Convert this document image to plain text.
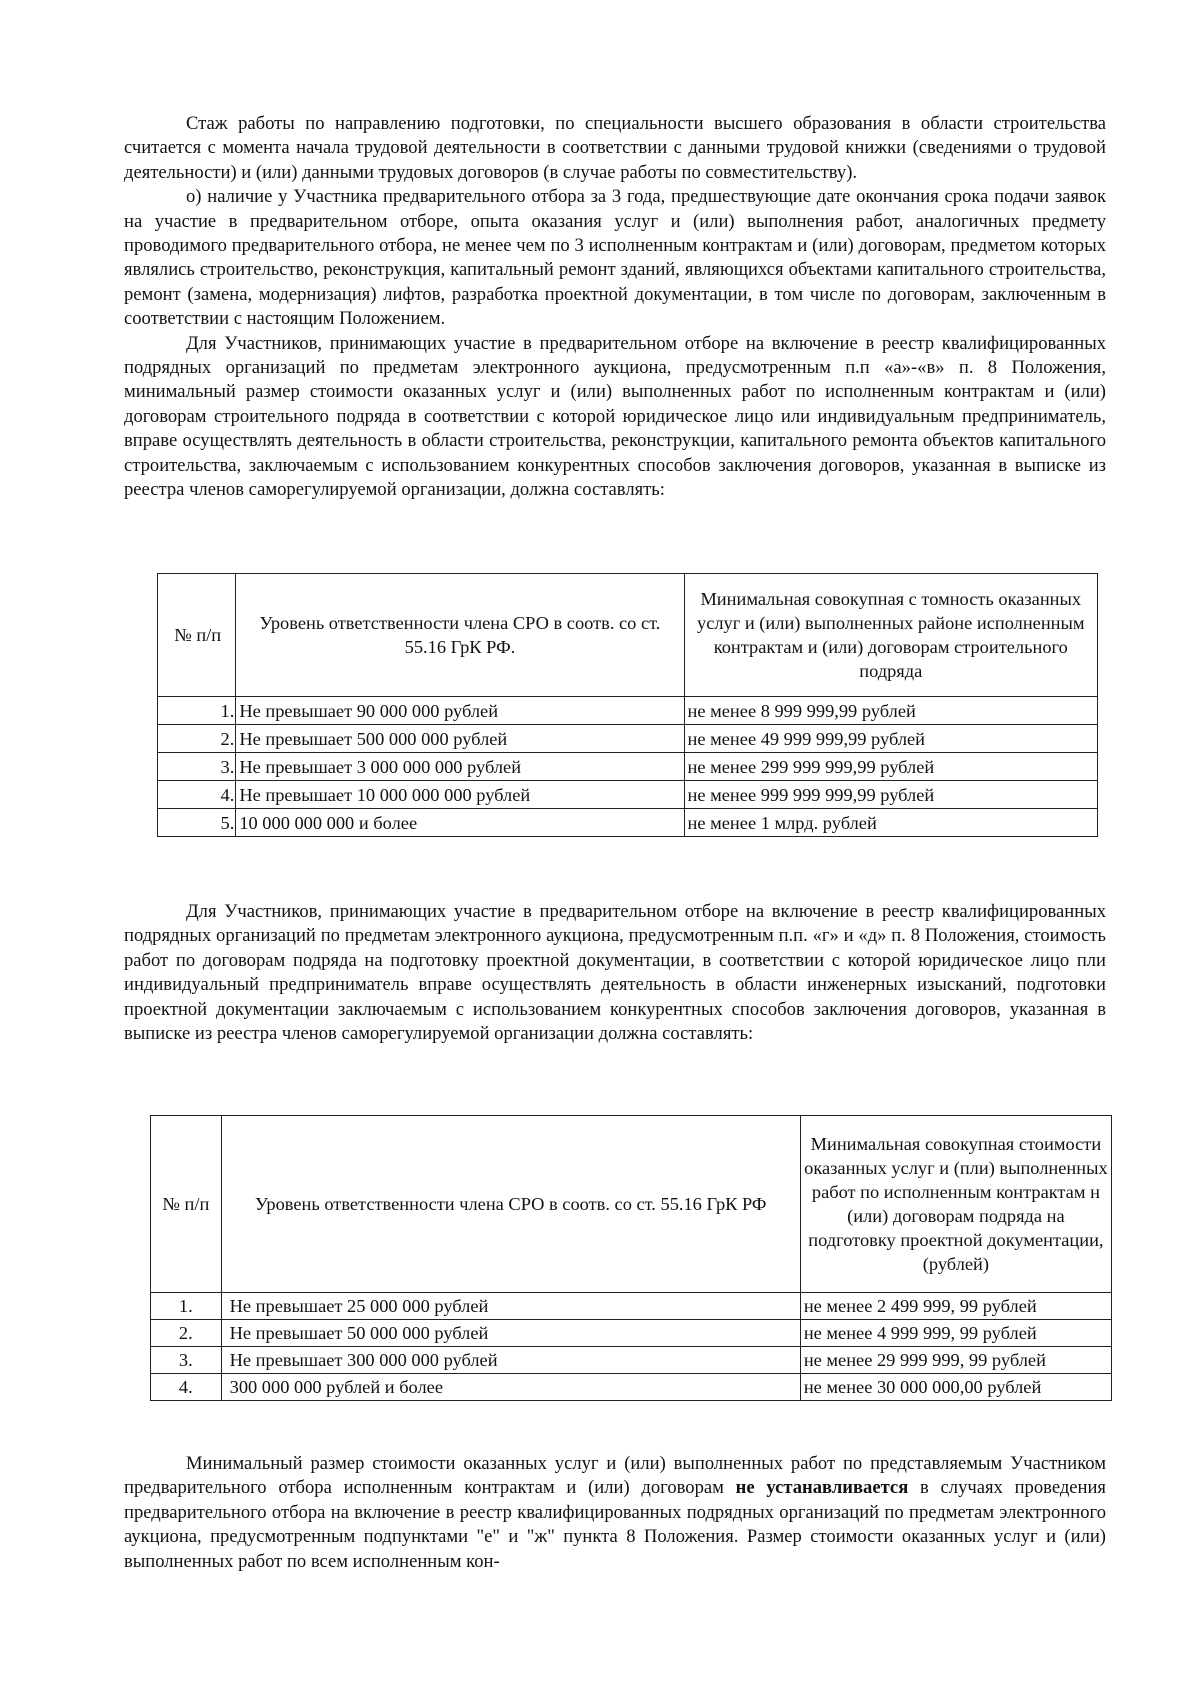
Стаж работы по направлению подготовки, по специальности высшего образования в области строительства считается с момента начала трудовой деятельности в соответствии с данными трудовой книжки (сведениями о трудовой деятельности) и (или) данными трудовых договоров (в случае работы по совместительству).

о) наличие у Участника предварительного отбора за 3 года, предшествующие дате окончания срока подачи заявок на участие в предварительном отборе, опыта оказания услуг и (или) выполнения работ, аналогичных предмету проводимого предварительного отбора, не менее чем по 3 исполненным контрактам и (или) договорам, предметом которых являлись строительство, реконструкция, капитальный ремонт зданий, являющихся объектами капитального строительства, ремонт (замена, модернизация) лифтов, разработка проектной документации, в том числе по договорам, заключенным в соответствии с настоящим Положением.

Для Участников, принимающих участие в предварительном отборе на включение в реестр квалифицированных подрядных организаций по предметам электронного аукциона, предусмотренным п.п «а»-«в» п. 8 Положения, минимальный размер стоимости оказанных услуг и (или) выполненных работ по исполненным контрактам и (или) договорам строительного подряда в соответствии с которой юридическое лицо или индивидуальным предприниматель, вправе осуществлять деятельность в области строительства, реконструкции, капитального ремонта объектов капитального строительства, заключаемым с использованием конкурентных способов заключения договоров, указанная в выписке из реестра членов саморегулируемой организации, должна составлять:

№ п/п	Уровень ответственности члена СРО в соотв. со ст. 55.16 ГрК РФ.	Минимальная совокупная с томность оказанных услуг и (или) выполненных районе исполненным контрактам и (или) договорам строительного подряда
1.	Не превышает 90 000 000 рублей	не менее 8 999 999,99 рублей
2.	Не превышает 500 000 000 рублей	не менее 49 999 999,99 рублей
3.	Не превышает 3 000 000 000 рублей	не менее 299 999 999,99 рублей
4.	Не превышает 10 000 000 000 рублей	не менее 999 999 999,99 рублей
5.	10 000 000 000 и более	не менее 1 млрд. рублей

Для Участников, принимающих участие в предварительном отборе на включение в реестр квалифицированных подрядных организаций по предметам электронного аукциона, предусмотренным п.п. «г» и «д» п. 8 Положения, стоимость работ по договорам подряда на подготовку проектной документации, в соответствии с которой юридическое лицо пли индивидуальный предприниматель вправе осуществлять деятельность в области инженерных изысканий, подготовки проектной документации заключаемым с использованием конкурентных способов заключения договоров, указанная в выписке из реестра членов саморегулируемой организации должна составлять:

№ п/п	Уровень ответственности члена СРО в соотв. со ст. 55.16 ГрК РФ	Минимальная совокупная стоимости оказанных услуг и (пли) выполненных работ по исполненным контрактам н (или) договорам подряда на подготовку проектной документации, (рублей)
1.	Не превышает 25 000 000 рублей	не менее 2 499 999, 99 рублей
2.	Не превышает 50 000 000 рублей	не менее 4 999 999, 99 рублей
3.	Не превышает 300 000 000 рублей	не менее 29 999 999, 99 рублей
4.	300 000 000 рублей и более	не менее 30 000 000,00 рублей

Минимальный размер стоимости оказанных услуг и (или) выполненных работ по представляемым Участником предварительного отбора исполненным контрактам и (или) договорам не устанавливается в случаях проведения предварительного отбора на включение в реестр квалифицированных подрядных организаций по предметам электронного аукциона, предусмотренным подпунктами "е" и "ж" пункта 8 Положения. Размер стоимости оказанных услуг и (или) выполненных работ по всем исполненным кон-
